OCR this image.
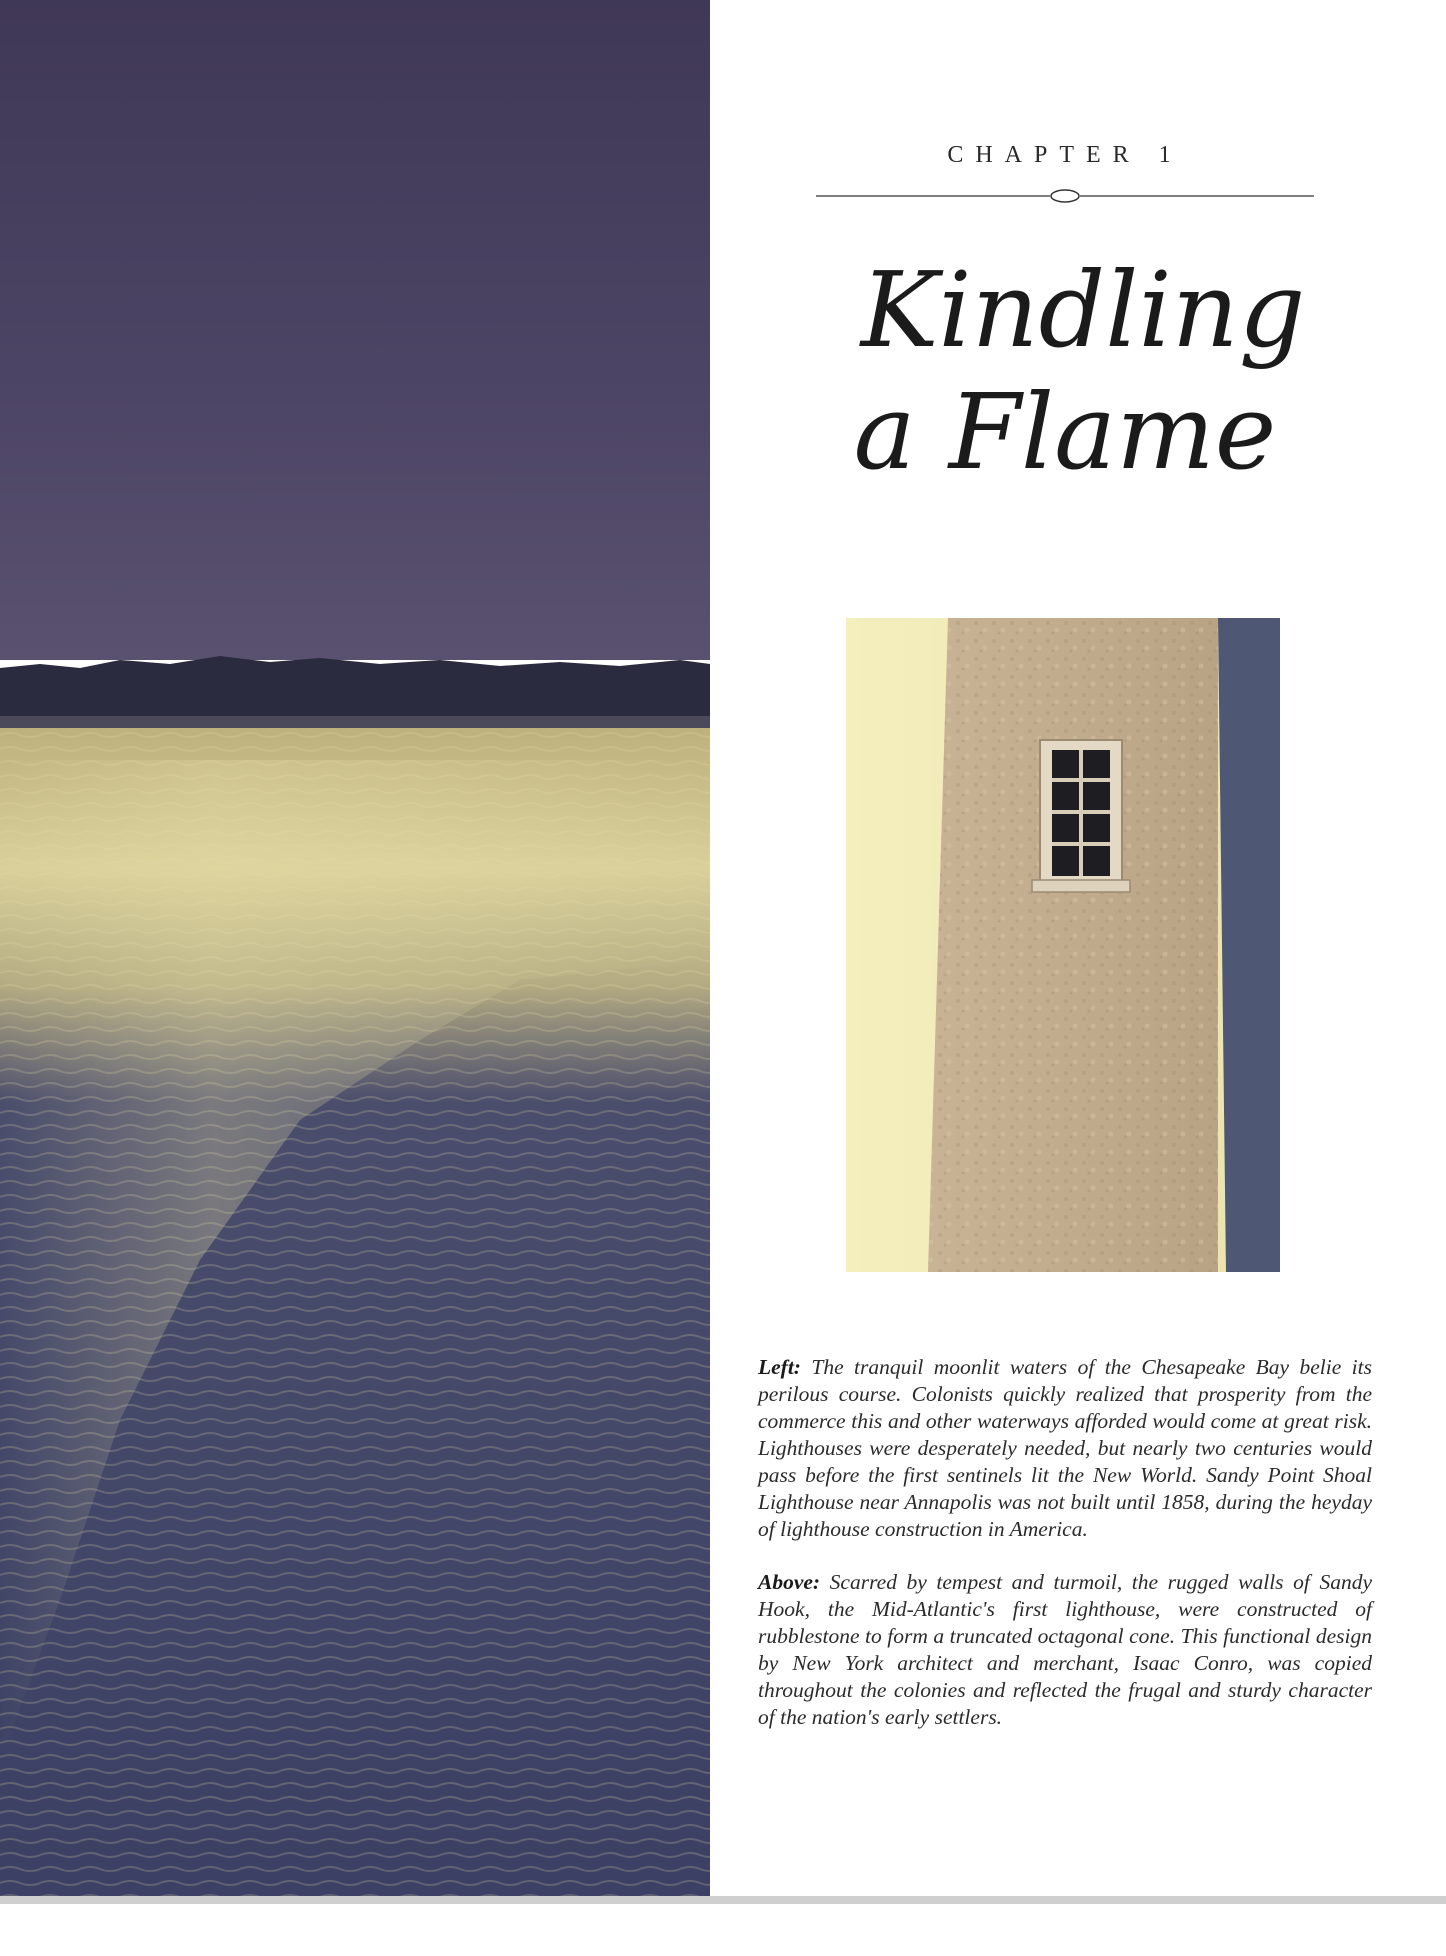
CHAPTER 1
Kindling
a Flame

Left: The tranquil moonlit waters of the Chesapeake Bay belie its perilous course. Colonists quickly realized that prosperity from the commerce this and other waterways afforded would come at great risk. Lighthouses were desperately needed, but nearly two centuries would pass before the first sentinels lit the New World. Sandy Point Shoal Lighthouse near Annapolis was not built until 1858, during the heyday of lighthouse construction in America.

Above: Scarred by tempest and turmoil, the rugged walls of Sandy Hook, the Mid-Atlantic's first lighthouse, were constructed of rubblestone to form a truncated octagonal cone. This functional design by New York architect and merchant, Isaac Conro, was copied throughout the colonies and reflected the frugal and sturdy character of the nation's early settlers.
